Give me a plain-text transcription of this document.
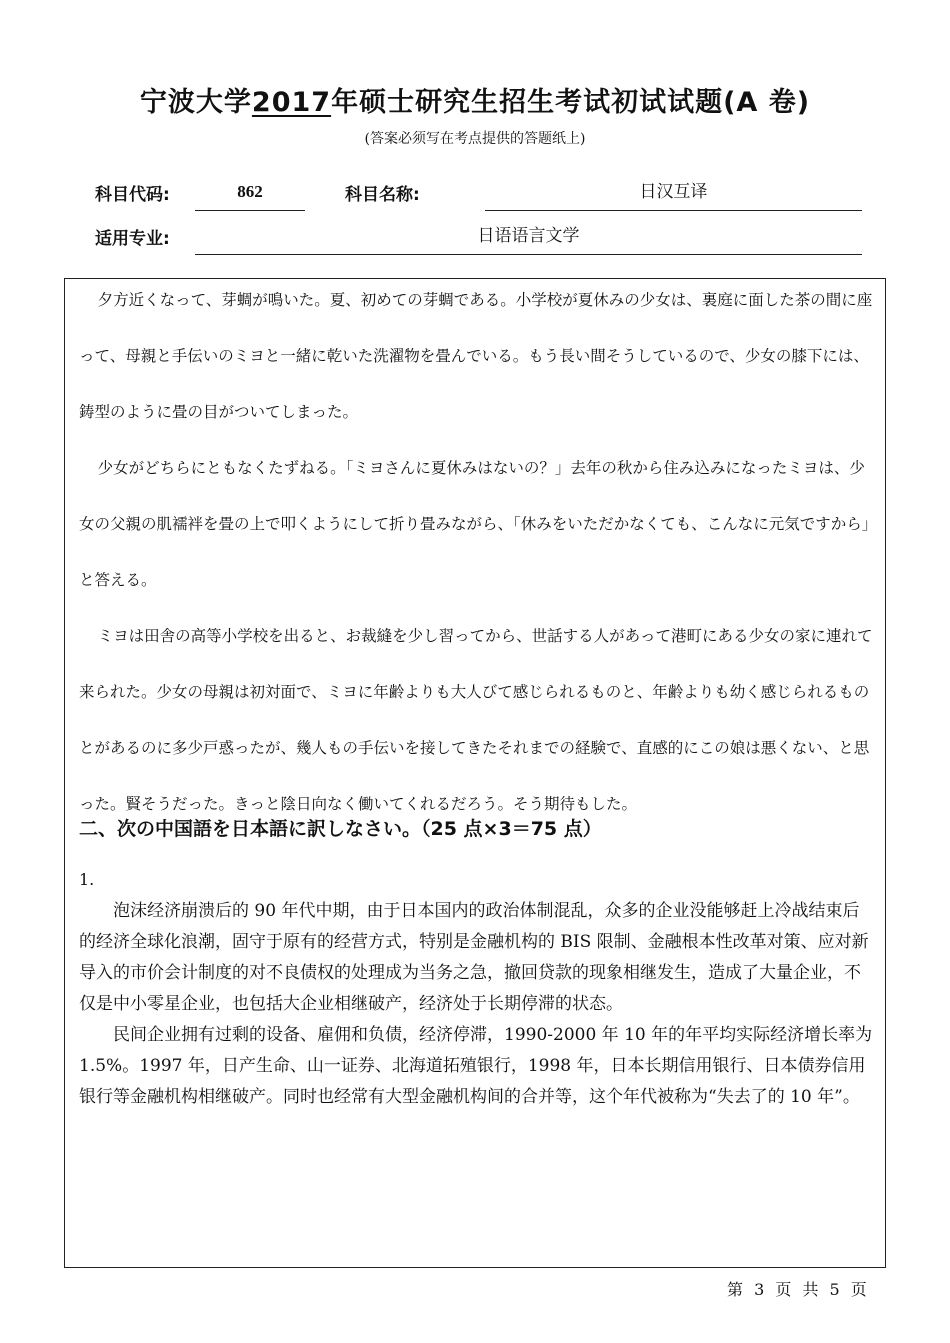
宁波大学2017年硕士研究生招生考试初试试题(A 卷)
(答案必须写在考点提供的答题纸上)
科目代码:	862	科目名称:	日汉互译
适用专业:	日语语言文学
夕方近くなって、芽蜩が鳴いた。夏、初めての芽蜩である。小学校が夏休みの少女は、裏庭に面した茶の間に座って、母親と手伝いのミヨと一緒に乾いた洗濯物を畳んでいる。もう長い間そうしているので、少女の膝下には、鋳型のように畳の目がついてしまった。
少女がどちらにともなくたずねる。「ミヨさんに夏休みはないの？」去年の秋から住み込みになったミヨは、少女の父親の肌襦袢を畳の上で叩くようにして折り畳みながら、「休みをいただかなくても、こんなに元気ですから」と答える。
ミヨは田舎の高等小学校を出ると、お裁縫を少し習ってから、世話する人があって港町にある少女の家に連れて来られた。少女の母親は初対面で、ミヨに年齢よりも大人びて感じられるものと、年齢よりも幼く感じられるものとがあるのに多少戸惑ったが、幾人もの手伝いを接してきたそれまでの経験で、直感的にこの娘は悪くない、と思った。賢そうだった。きっと陰日向なく働いてくれるだろう。そう期待もした。
二、次の中国語を日本語に訳しなさい。（25 点×3＝75 点）
1.
泡沫经济崩溃后的 90 年代中期，由于日本国内的政治体制混乱，众多的企业没能够赶上冷战结束后的经济全球化浪潮，固守于原有的经营方式，特别是金融机构的 BIS 限制、金融根本性改革对策、应对新导入的市价会计制度的对不良债权的处理成为当务之急，撤回贷款的现象相继发生，造成了大量企业，不仅是中小零星企业，也包括大企业相继破产，经济处于长期停滞的状态。
民间企业拥有过剩的设备、雇佣和负债，经济停滞，1990-2000 年 10 年的年平均实际经济增长率为 1.5%。1997 年，日产生命、山一证券、北海道拓殖银行，1998 年，日本长期信用银行、日本债券信用银行等金融机构相继破产。同时也经常有大型金融机构间的合并等，这个年代被称为“失去了的 10 年”。
第 3 页 共 5 页
